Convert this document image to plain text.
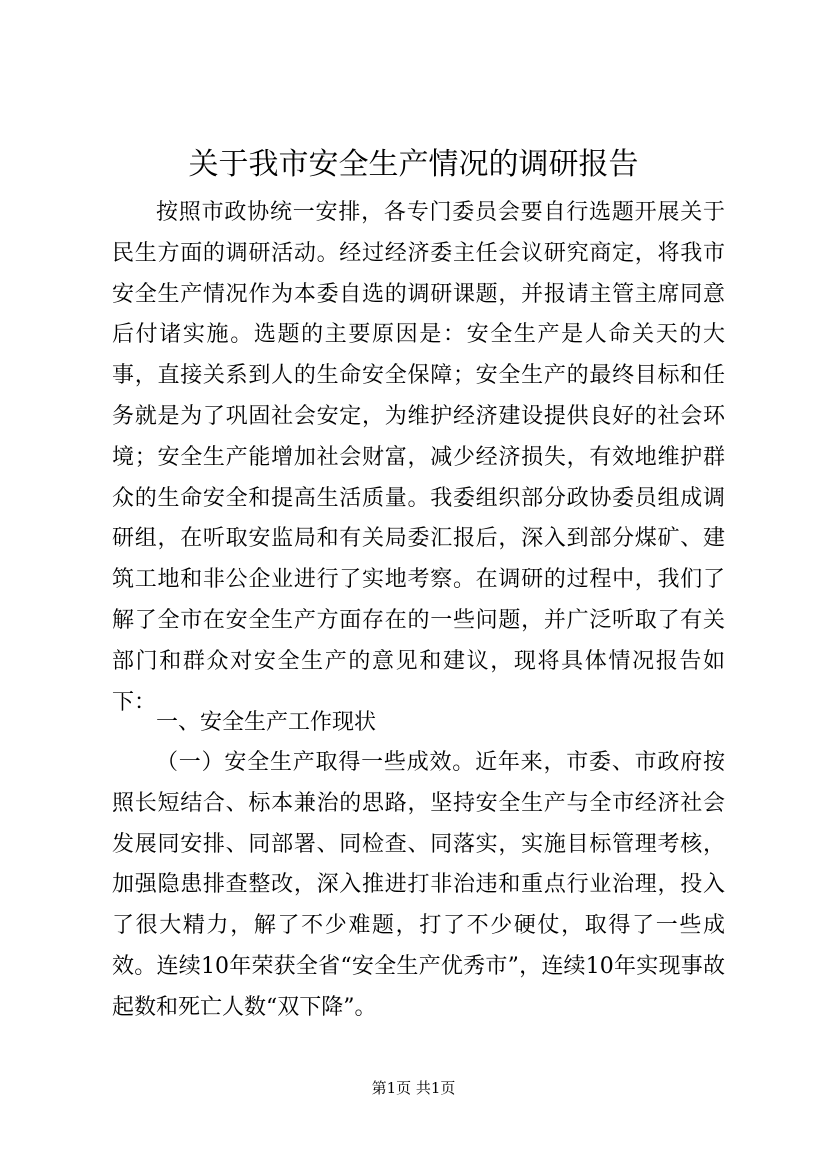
关于我市安全生产情况的调研报告

按照市政协统一安排，各专门委员会要自行选题开展关于民生方面的调研活动。经过经济委主任会议研究商定，将我市安全生产情况作为本委自选的调研课题，并报请主管主席同意后付诸实施。选题的主要原因是：安全生产是人命关天的大事，直接关系到人的生命安全保障；安全生产的最终目标和任务就是为了巩固社会安定，为维护经济建设提供良好的社会环境；安全生产能增加社会财富，减少经济损失，有效地维护群众的生命安全和提高生活质量。我委组织部分政协委员组成调研组，在听取安监局和有关局委汇报后，深入到部分煤矿、建筑工地和非公企业进行了实地考察。在调研的过程中，我们了解了全市在安全生产方面存在的一些问题，并广泛听取了有关部门和群众对安全生产的意见和建议，现将具体情况报告如下：

一、安全生产工作现状

（一）安全生产取得一些成效。近年来，市委、市政府按照长短结合、标本兼治的思路，坚持安全生产与全市经济社会发展同安排、同部署、同检查、同落实，实施目标管理考核，加强隐患排查整改，深入推进打非治违和重点行业治理，投入了很大精力，解了不少难题，打了不少硬仗，取得了一些成效。连续10年荣获全省“安全生产优秀市”，连续10年实现事故起数和死亡人数“双下降”。

第1页 共1页
